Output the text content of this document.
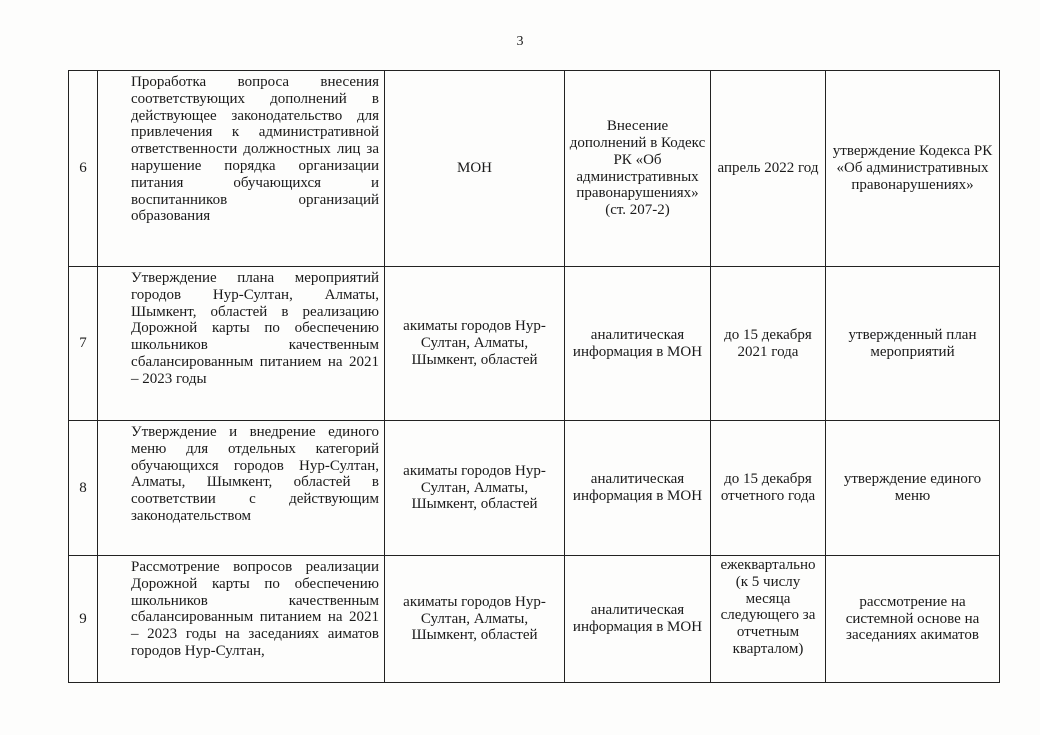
3
6	Проработка вопроса внесения соответствующих дополнений в действующее законодательство для привлечения к административной ответственности должностных лиц за нарушение порядка организации питания обучающихся и воспитанников организаций образования	МОН	Внесение дополнений в Кодекс РК «Об административных правонарушениях» (ст. 207-2)	апрель 2022 год	утверждение Кодекса РК «Об административных правонарушениях»
7	Утверждение плана мероприятий городов Нур-Султан, Алматы, Шымкент, областей в реализацию Дорожной карты по обеспечению школьников качественным сбалансированным питанием на 2021 – 2023 годы	акиматы городов Нур-Султан, Алматы, Шымкент, областей	аналитическая информация в МОН	до 15 декабря 2021 года	утвержденный план мероприятий
8	Утверждение и внедрение единого меню для отдельных категорий обучающихся городов Нур-Султан, Алматы, Шымкент, областей в соответствии с действующим законодательством	акиматы городов Нур-Султан, Алматы, Шымкент, областей	аналитическая информация в МОН	до 15 декабря отчетного года	утверждение единого меню
9	Рассмотрение вопросов реализации Дорожной карты по обеспечению школьников качественным сбалансированным питанием на 2021 – 2023 годы на заседаниях аиматов городов Нур-Султан,	акиматы городов Нур-Султан, Алматы, Шымкент, областей	аналитическая информация в МОН	ежеквартально (к 5 числу месяца следующего за отчетным кварталом)	рассмотрение на системной основе на заседаниях акиматов
